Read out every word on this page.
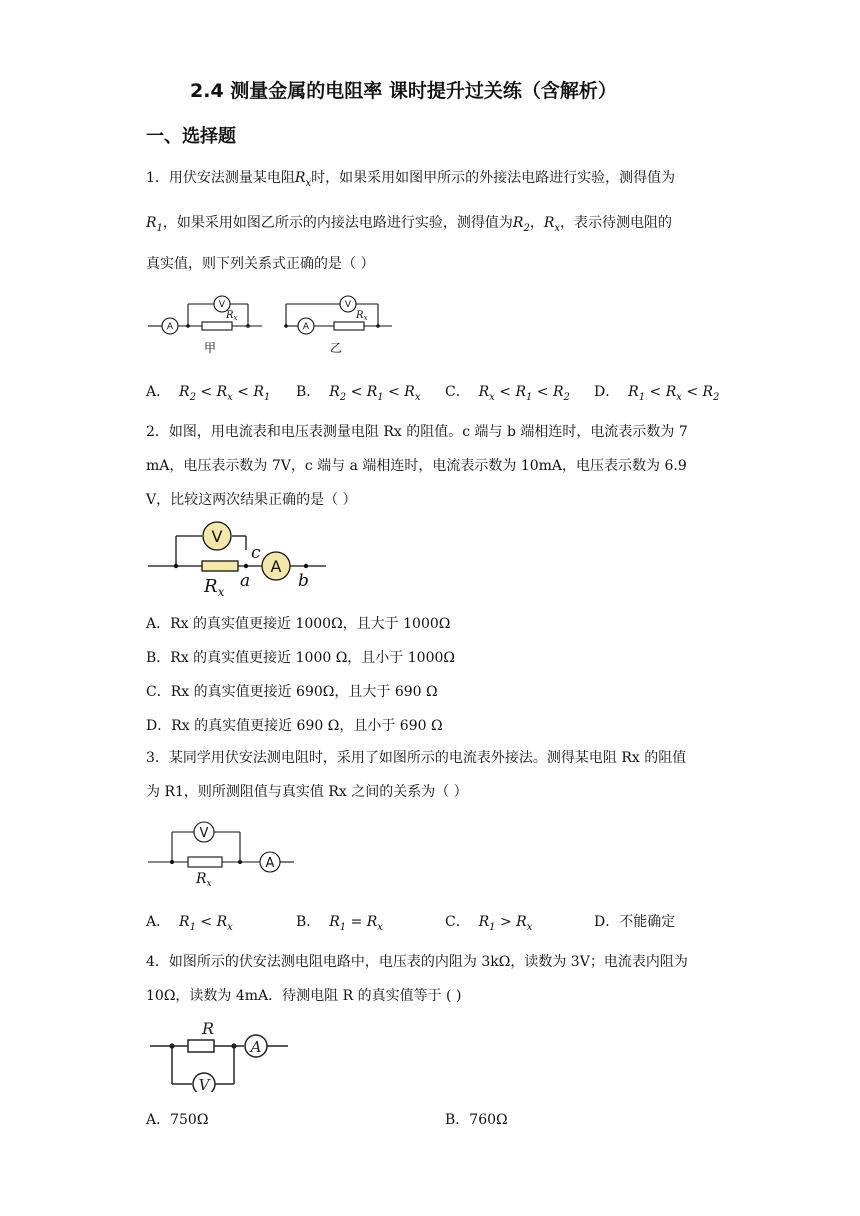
2.4 测量金属的电阻率 课时提升过关练（含解析）
一、选择题
1．用伏安法测量某电阻$R_x$时，如果采用如图甲所示的外接法电路进行实验，测得值为
$R_1$，如果采用如图乙所示的内接法电路进行实验，测得值为$R_2$，$R_x$，表示待测电阻的
真实值，则下列关系式正确的是（ ）
A
V
A
V
$R_x$	$R_x$
甲	乙
A． $R_2 < R_x < R_1$ B． $R_2 < R_1 < R_x$ C． $R_x < R_1 < R_2$ D． $R_1 < R_x < R_2$
2．如图，用电流表和电压表测量电阻 Rx 的阻值。c 端与 b 端相连时，电流表示数为 7
mA，电压表示数为 7V，c 端与 a 端相连时，电流表示数为 10mA，电压表示数为 6.9
V，比较这两次结果正确的是（ ）
V
A
c
a	b
$R_x$
A．Rx 的真实值更接近 1000Ω，且大于 1000Ω
B．Rx 的真实值更接近 1000 Ω，且小于 1000Ω
C．Rx 的真实值更接近 690Ω，且大于 690 Ω
D．Rx 的真实值更接近 690 Ω，且小于 690 Ω
3．某同学用伏安法测电阻时，采用了如图所示的电流表外接法。测得某电阻 Rx 的阻值
为 R1，则所测阻值与真实值 Rx 之间的关系为（ ）
V
A
$R_x$
A． $R_1 < R_x$	B． $R_1 = R_x$	C． $R_1 > R_x$	D．不能确定
4．如图所示的伏安法测电阻电路中，电压表的内阻为 3kΩ，读数为 3V；电流表内阻为
10Ω，读数为 4mA．待测电阻 R 的真实值等于 ( )
R
A
V
A．750Ω	B．760Ω
